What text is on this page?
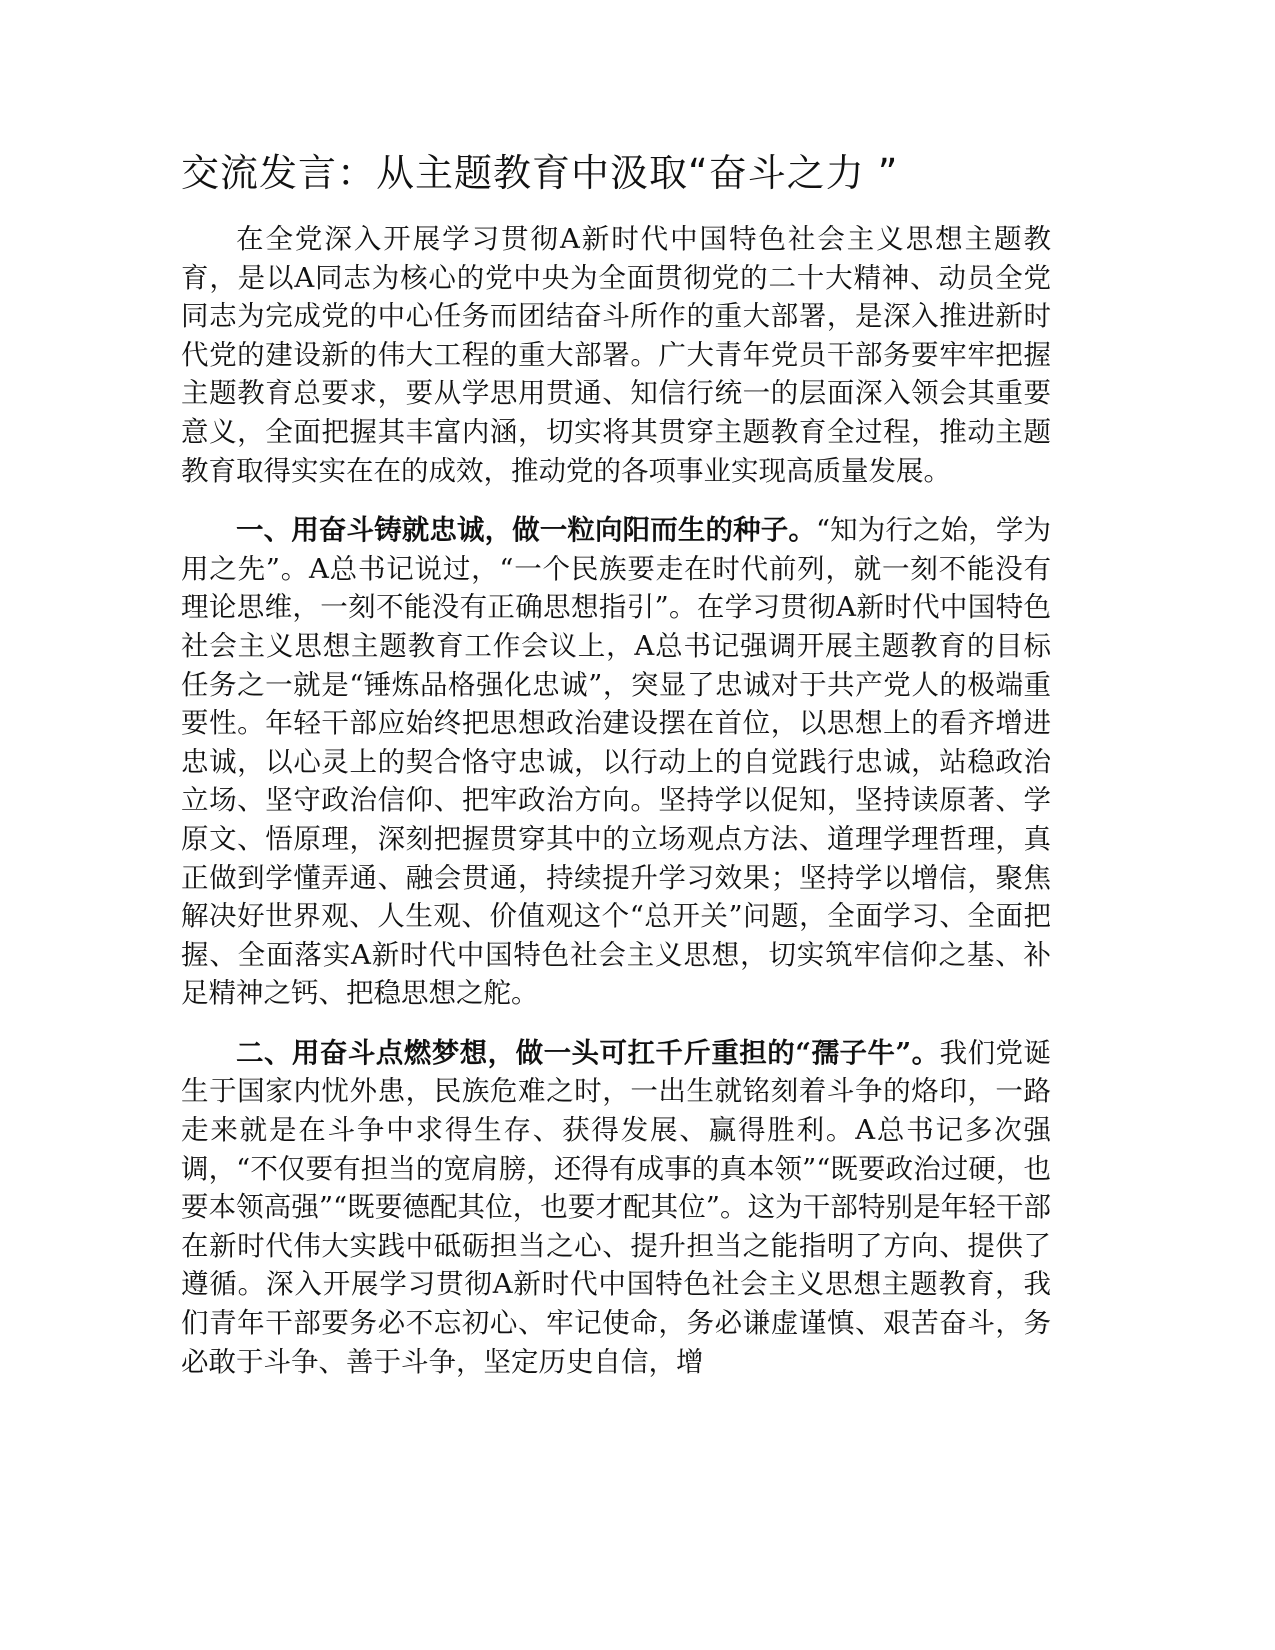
交流发言：从主题教育中汲取“奋斗之力 ”

在全党深入开展学习贯彻A新时代中国特色社会主义思想主题教育，是以A同志为核心的党中央为全面贯彻党的二十大精神、动员全党同志为完成党的中心任务而团结奋斗所作的重大部署，是深入推进新时代党的建设新的伟大工程的重大部署。广大青年党员干部务要牢牢把握主题教育总要求，要从学思用贯通、知信行统一的层面深入领会其重要意义，全面把握其丰富内涵，切实将其贯穿主题教育全过程，推动主题教育取得实实在在的成效，推动党的各项事业实现高质量发展。

一、用奋斗铸就忠诚，做一粒向阳而生的种子。“知为行之始，学为用之先”。A总书记说过，“一个民族要走在时代前列，就一刻不能没有理论思维，一刻不能没有正确思想指引”。在学习贯彻A新时代中国特色社会主义思想主题教育工作会议上，A总书记强调开展主题教育的目标任务之一就是“锤炼品格强化忠诚”，突显了忠诚对于共产党人的极端重要性。年轻干部应始终把思想政治建设摆在首位，以思想上的看齐增进忠诚，以心灵上的契合恪守忠诚，以行动上的自觉践行忠诚，站稳政治立场、坚守政治信仰、把牢政治方向。坚持学以促知，坚持读原著、学原文、悟原理，深刻把握贯穿其中的立场观点方法、道理学理哲理，真正做到学懂弄通、融会贯通，持续提升学习效果；坚持学以增信，聚焦解决好世界观、人生观、价值观这个“总开关”问题，全面学习、全面把握、全面落实A新时代中国特色社会主义思想，切实筑牢信仰之基、补足精神之钙、把稳思想之舵。

二、用奋斗点燃梦想，做一头可扛千斤重担的“孺子牛”。我们党诞生于国家内忧外患，民族危难之时，一出生就铭刻着斗争的烙印，一路走来就是在斗争中求得生存、获得发展、赢得胜利。A总书记多次强调，“不仅要有担当的宽肩膀，还得有成事的真本领”“既要政治过硬，也要本领高强”“既要德配其位，也要才配其位”。这为干部特别是年轻干部在新时代伟大实践中砥砺担当之心、提升担当之能指明了方向、提供了遵循。深入开展学习贯彻A新时代中国特色社会主义思想主题教育，我们青年干部要务必不忘初心、牢记使命，务必谦虚谨慎、艰苦奋斗，务必敢于斗争、善于斗争，坚定历史自信，增
